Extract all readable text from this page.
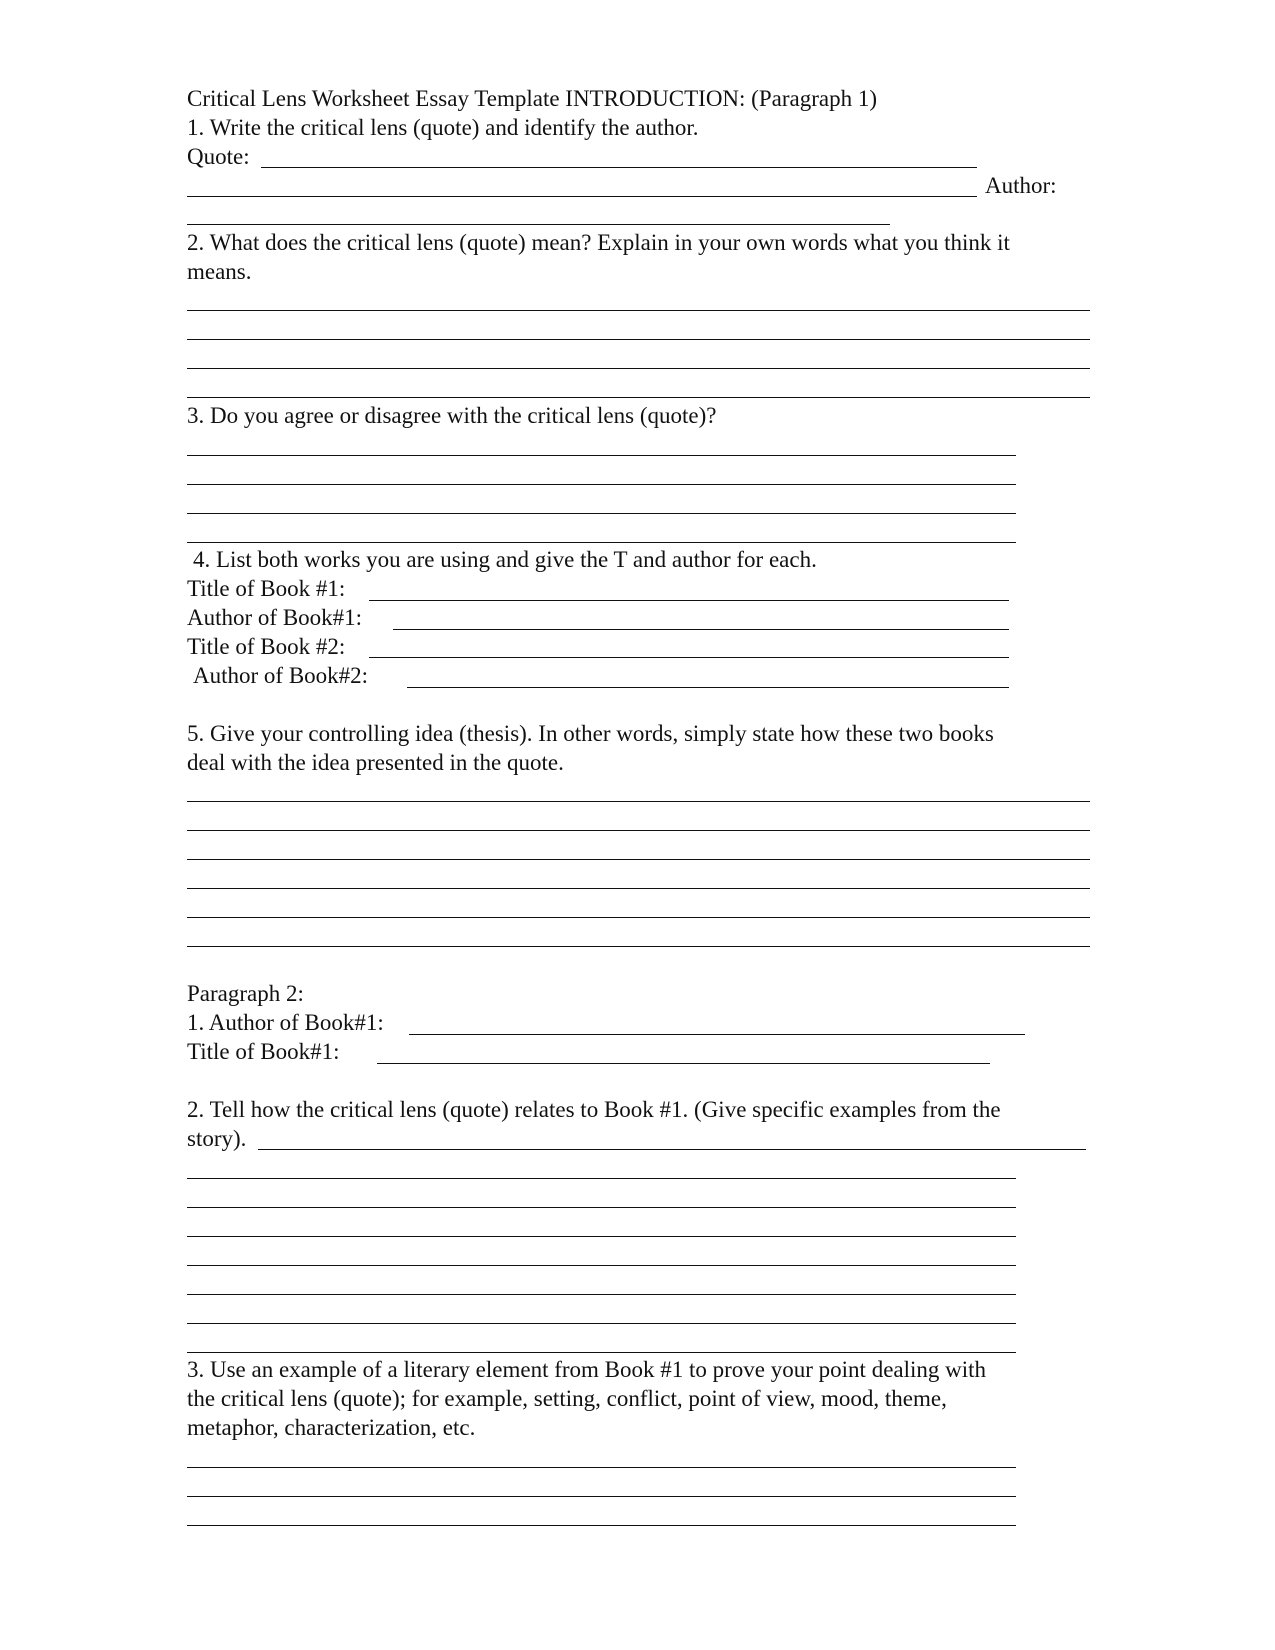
Critical Lens Worksheet Essay Template INTRODUCTION: (Paragraph 1)
1. Write the critical lens (quote) and identify the author.
Quote:
Author:
2. What does the critical lens (quote) mean? Explain in your own words what you think it
means.
3. Do you agree or disagree with the critical lens (quote)?
4. List both works you are using and give the T and author for each.
Title of Book #1:
Author of Book#1:
Title of Book #2:
Author of Book#2:
5. Give your controlling idea (thesis). In other words, simply state how these two books
deal with the idea presented in the quote.
Paragraph 2:
1. Author of Book#1:
Title of Book#1:
2. Tell how the critical lens (quote) relates to Book #1. (Give specific examples from the
story).
3. Use an example of a literary element from Book #1 to prove your point dealing with
the critical lens (quote); for example, setting, conflict, point of view, mood, theme,
metaphor, characterization, etc.
